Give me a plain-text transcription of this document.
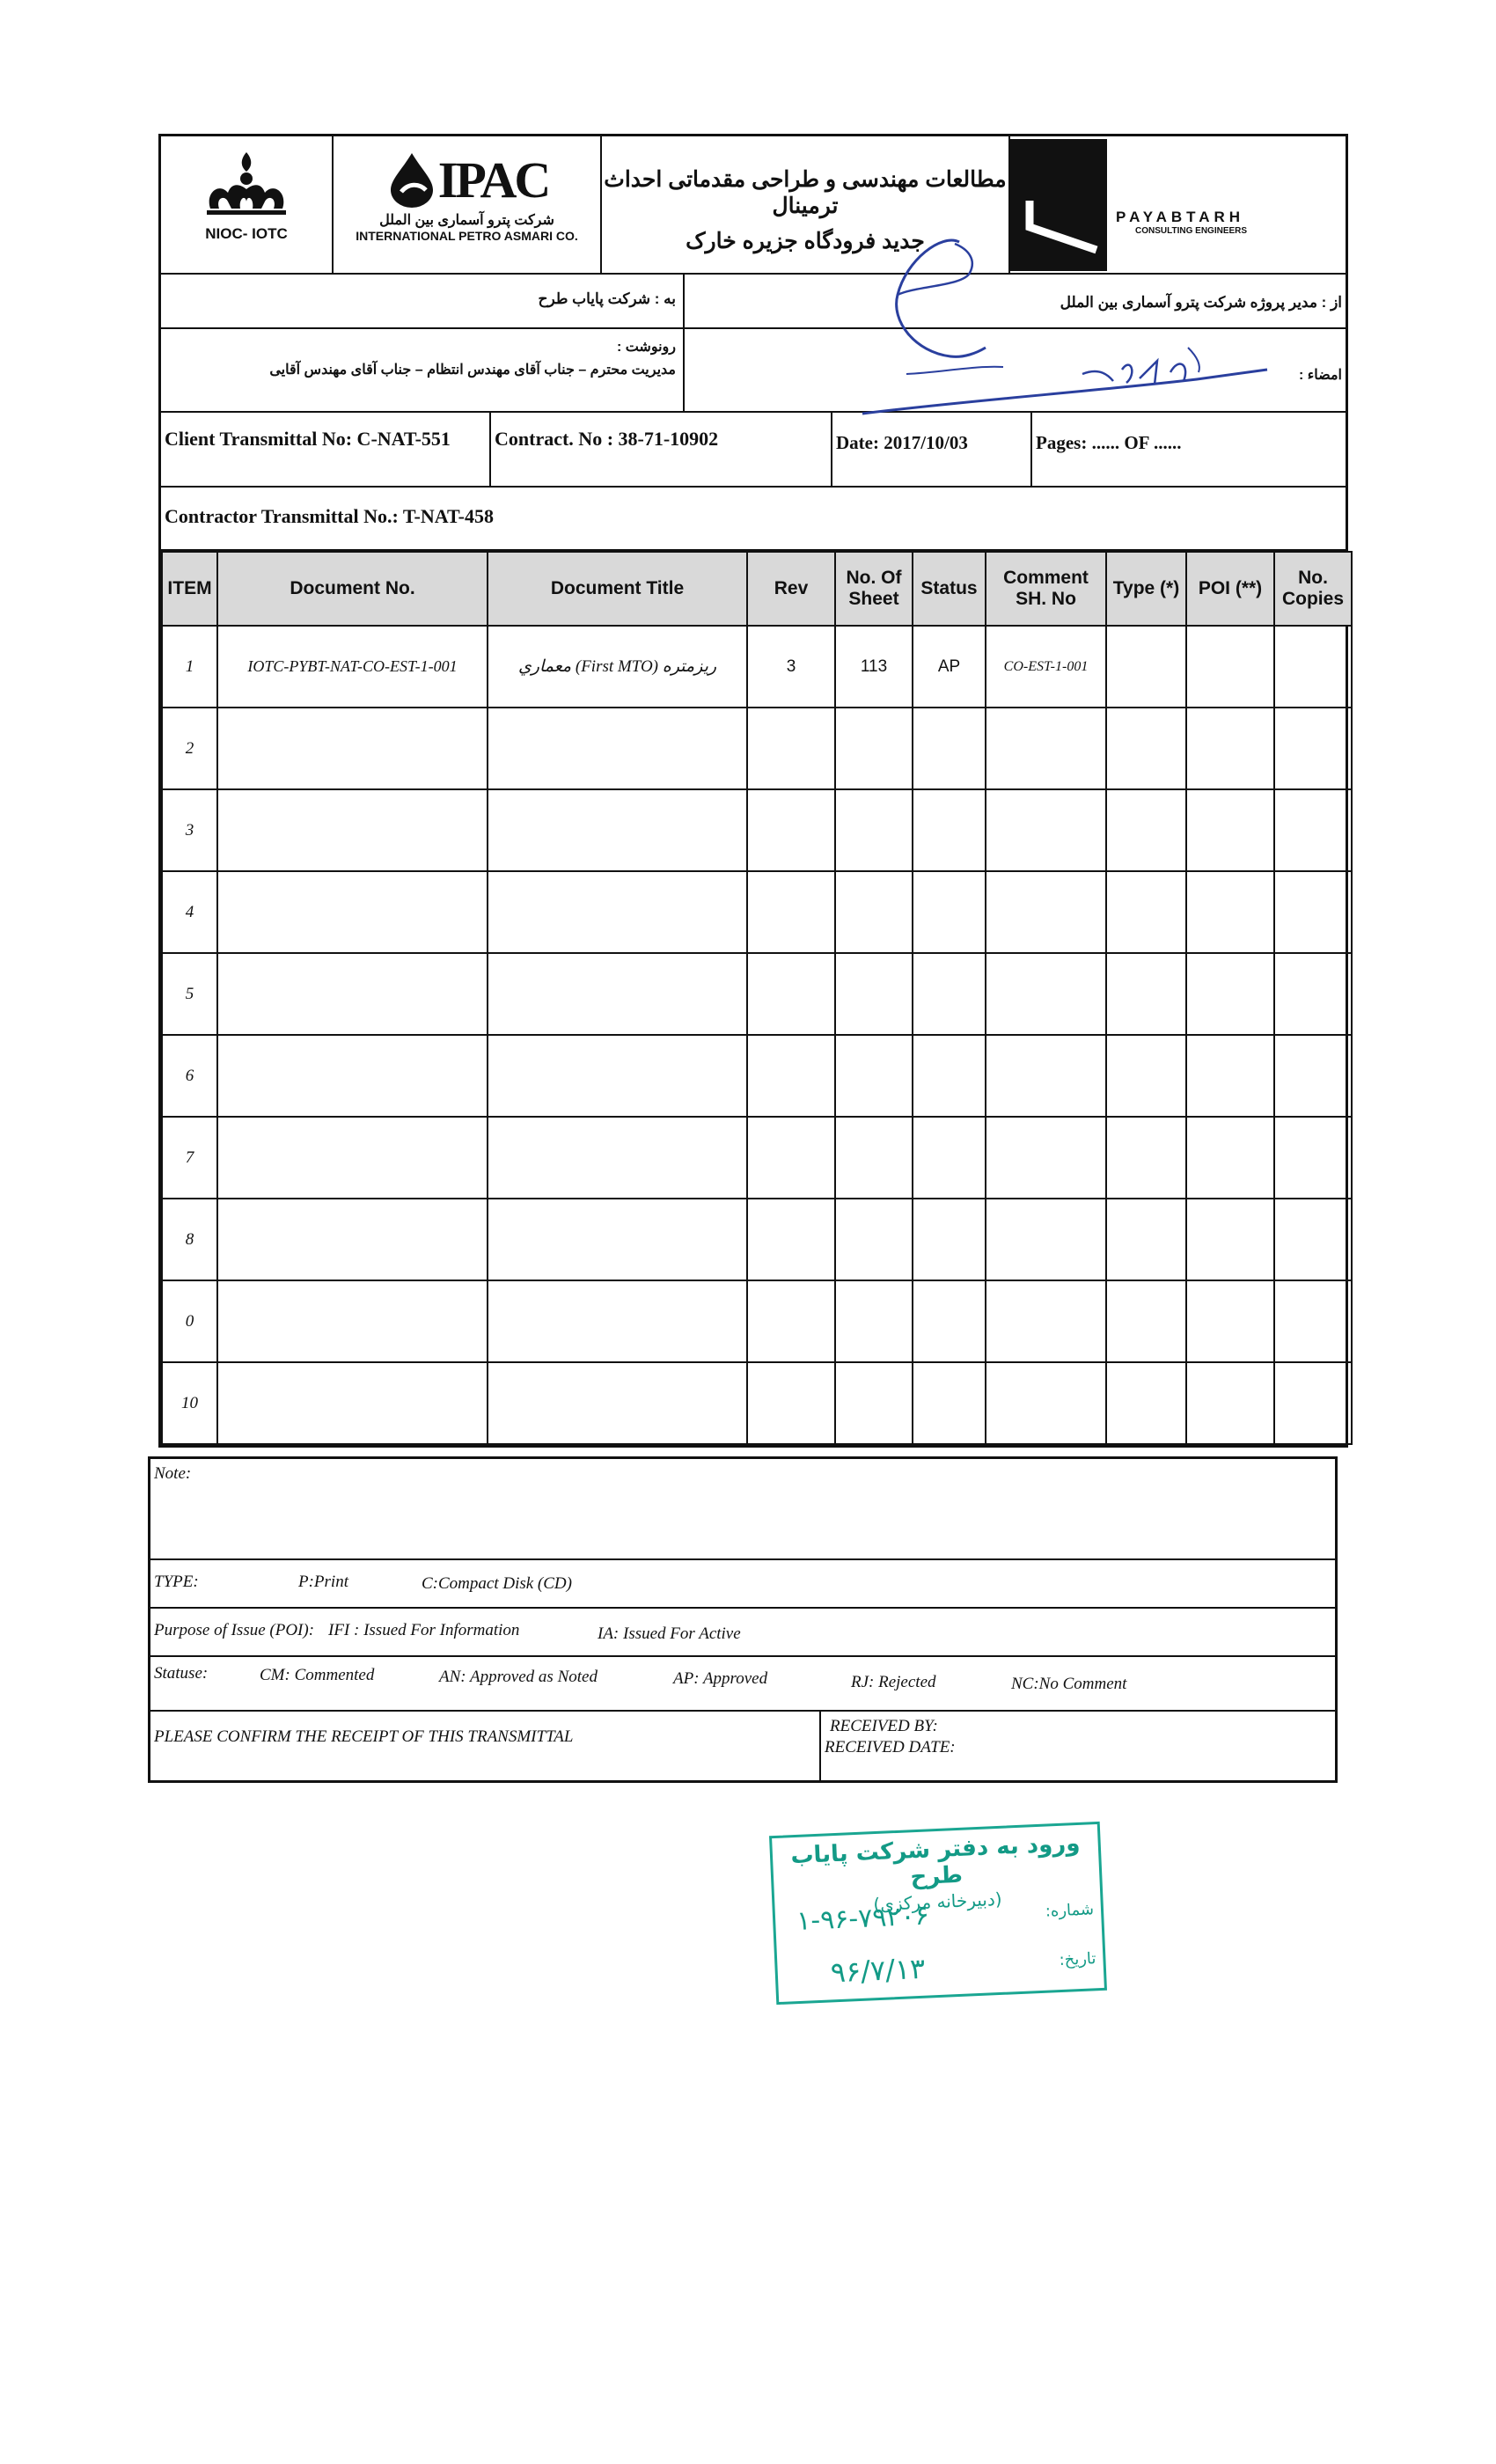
NIOC- IOTC
IPAC
شرکت پترو آسماری بین الملل
INTERNATIONAL PETRO ASMARI CO.
مطالعات مهندسی و طراحی مقدماتی احداث ترمینال
جدید فرودگاه جزیره خارک
PAYABTARH
CONSULTING ENGINEERS
به : شرکت پایاب طرح	از : مدیر پروژه شرکت پترو آسماری بین الملل
رونوشت :
مدیریت محترم – جناب آقای مهندس انتظام – جناب آقای مهندس آقایی	امضاء :
Client Transmittal No: C-NAT-551	Contract. No : 38-71-10902	Date: 2017/10/03	Pages: ...... OF ......
Contractor Transmittal No.: T-NAT-458
ITEM	Document No.	Document Title	Rev	No. Of Sheet	Status	Comment SH. No	Type (*)	POI (**)	No. Copies
1	IOTC-PYBT-NAT-CO-EST-1-001	ریزمتره (First MTO) معماري	3	113	AP	CO-EST-1-001			
2									
3									
4									
5									
6									
7									
8									
0									
10									
Note:
TYPE:	P:Print	C:Compact Disk (CD)
Purpose of Issue (POI): IFI : Issued For Information	IA: Issued For Active
Statuse:	CM: Commented	AN: Approved as Noted	AP: Approved	RJ: Rejected	NC:No Comment
PLEASE CONFIRM THE RECEIPT OF THIS TRANSMITTAL
RECEIVED BY:
RECEIVED DATE:
ورود به دفتر شرکت پایاب طرح
(دبیرخانه مرکزی)	شماره:
۱-۹۶-۷۹۲۰۶
تاریخ:
۹۶/۷/۱۳
